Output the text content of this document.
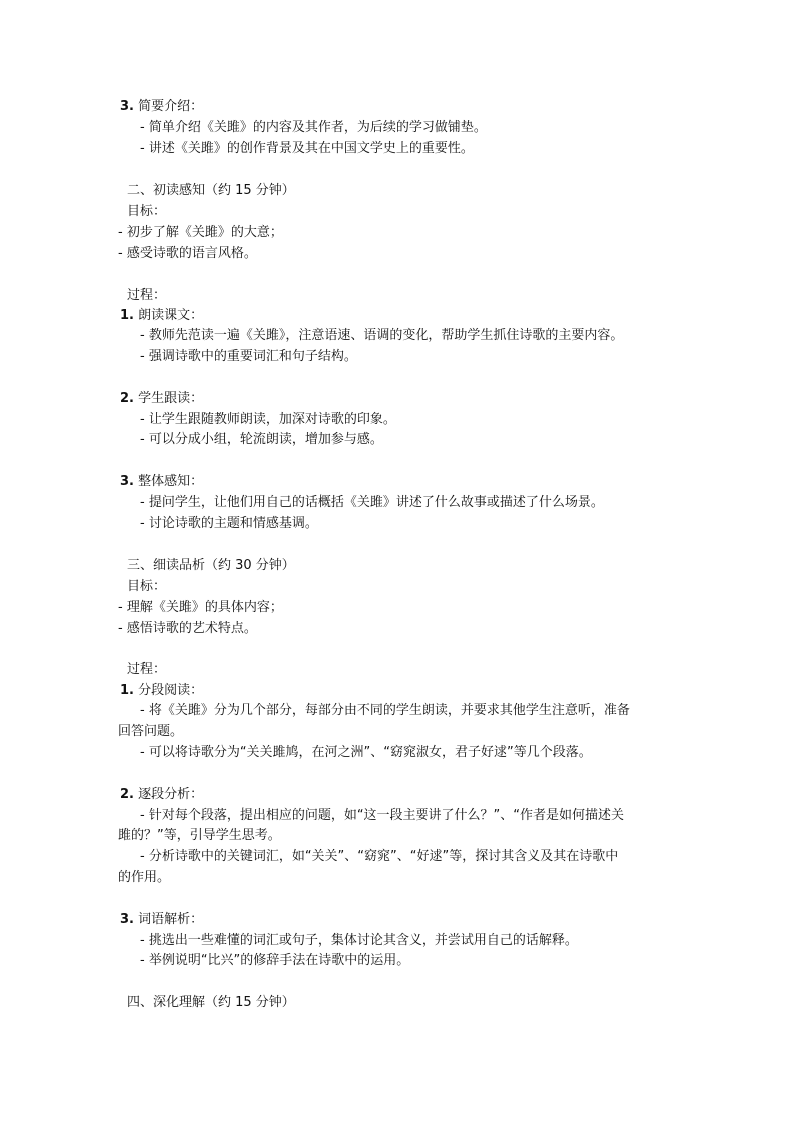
3. 简要介绍：
- 简单介绍《关雎》的内容及其作者，为后续的学习做铺垫。
- 讲述《关雎》的创作背景及其在中国文学史上的重要性。
二、初读感知（约 15 分钟）
目标：
- 初步了解《关雎》的大意；
- 感受诗歌的语言风格。
过程：
1. 朗读课文：
- 教师先范读一遍《关雎》，注意语速、语调的变化，帮助学生抓住诗歌的主要内容。
- 强调诗歌中的重要词汇和句子结构。
2. 学生跟读：
- 让学生跟随教师朗读，加深对诗歌的印象。
- 可以分成小组，轮流朗读，增加参与感。
3. 整体感知：
- 提问学生，让他们用自己的话概括《关雎》讲述了什么故事或描述了什么场景。
- 讨论诗歌的主题和情感基调。
三、细读品析（约 30 分钟）
目标：
- 理解《关雎》的具体内容；
- 感悟诗歌的艺术特点。
过程：
1. 分段阅读：
- 将《关雎》分为几个部分，每部分由不同的学生朗读，并要求其他学生注意听，准备
回答问题。
- 可以将诗歌分为“关关雎鸠，在河之洲”、“窈窕淑女，君子好逑”等几个段落。
2. 逐段分析：
- 针对每个段落，提出相应的问题，如“这一段主要讲了什么？”、“作者是如何描述关
雎的？”等，引导学生思考。
- 分析诗歌中的关键词汇，如“关关”、“窈窕”、“好逑”等，探讨其含义及其在诗歌中
的作用。
3. 词语解析：
- 挑选出一些难懂的词汇或句子，集体讨论其含义，并尝试用自己的话解释。
- 举例说明“比兴”的修辞手法在诗歌中的运用。
四、深化理解（约 15 分钟）
